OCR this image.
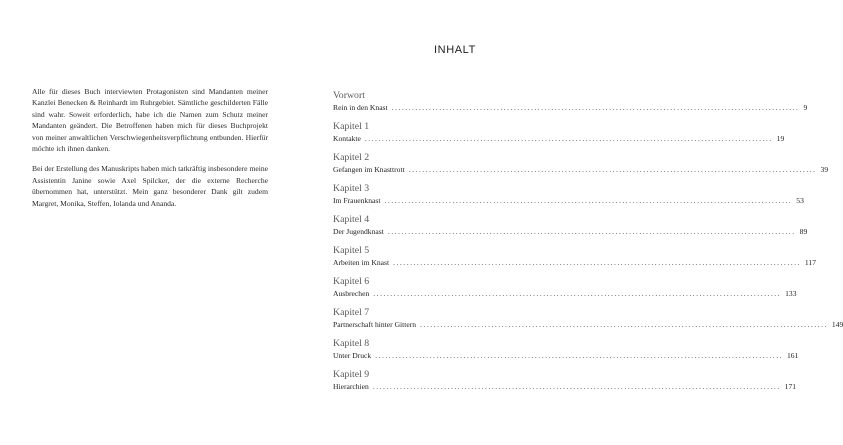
Alle für dieses Buch interviewten Protagonisten sind Mandanten meiner Kanzlei Benecken & Reinhardt im Ruhrgebiet. Sämtliche geschilderten Fälle sind wahr. Soweit erforderlich, habe ich die Namen zum Schutz meiner Mandanten geändert. Die Betroffenen haben mich für dieses Buchprojekt von meiner anwaltlichen Verschwiegenheitsverpflichtung entbunden. Hierfür möchte ich ihnen danken.

Bei der Erstellung des Manuskripts haben mich tatkräftig insbesondere meine Assistentin Janine sowie Axel Spilcker, der die externe Recherche übernommen hat, unterstützt. Mein ganz besonderer Dank gilt zudem Margret, Monika, Steffen, Iolanda und Ananda.

INHALT
Vorwort
Rein in den Knast ........................................................................................................................ 9
Kapitel 1
Kontakte ........................................................................................................................ 19
Kapitel 2
Gefangen im Knasttrott ........................................................................................................................ 39
Kapitel 3
Im Frauenknast ........................................................................................................................ 53
Kapitel 4
Der Jugendknast ........................................................................................................................ 89
Kapitel 5
Arbeiten im Knast ........................................................................................................................ 117
Kapitel 6
Ausbrechen ........................................................................................................................ 133
Kapitel 7
Partnerschaft hinter Gittern ........................................................................................................................ 149
Kapitel 8
Unter Druck ........................................................................................................................ 161
Kapitel 9
Hierarchien ........................................................................................................................ 171
